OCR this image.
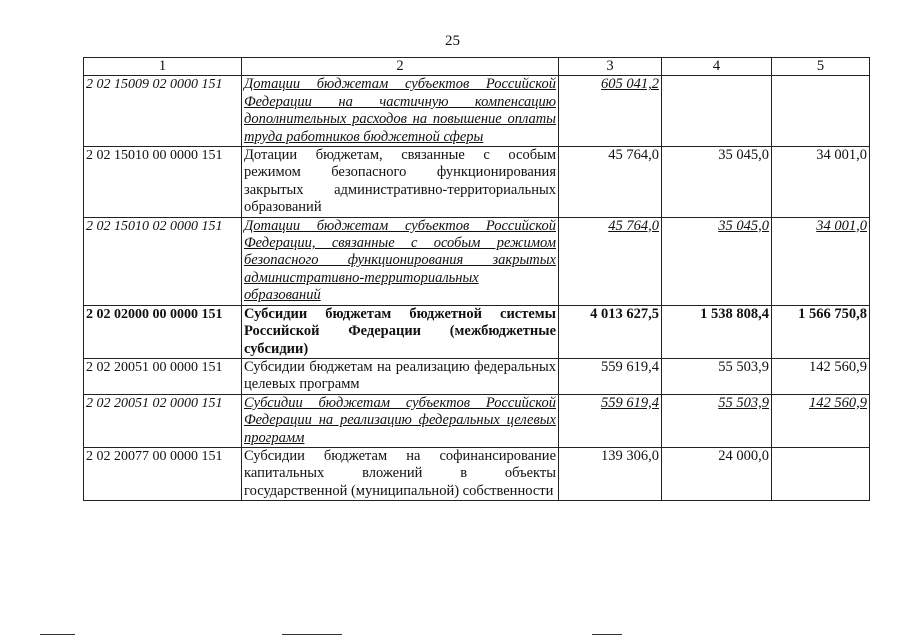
25
1	2	3	4	5
2 02 15009 02 0000 151	Дотации бюджетам субъектов Российской Федерации на частичную компенсацию дополнительных расходов на повышение оплаты труда работников бюджетной сферы	605 041,2		
2 02 15010 00 0000 151	Дотации бюджетам, связанные с особым режимом безопасного функционирования закрытых административно-территориальных образований	45 764,0	35 045,0	34 001,0
2 02 15010 02 0000 151	Дотации бюджетам субъектов Российской Федерации, связанные с особым режимом безопасного функционирования закрытых административно-территориальных образований	45 764,0	35 045,0	34 001,0
2 02 02000 00 0000 151	Субсидии бюджетам бюджетной системы Российской Федерации (межбюджетные субсидии)	4 013 627,5	1 538 808,4	1 566 750,8
2 02 20051 00 0000 151	Субсидии бюджетам на реализацию федеральных целевых программ	559 619,4	55 503,9	142 560,9
2 02 20051 02 0000 151	Субсидии бюджетам субъектов Российской Федерации на реализацию федеральных целевых программ	559 619,4	55 503,9	142 560,9
2 02 20077 00 0000 151	Субсидии бюджетам на софинансирование капитальных вложений в объекты государственной (муниципальной) собственности	139 306,0	24 000,0	
